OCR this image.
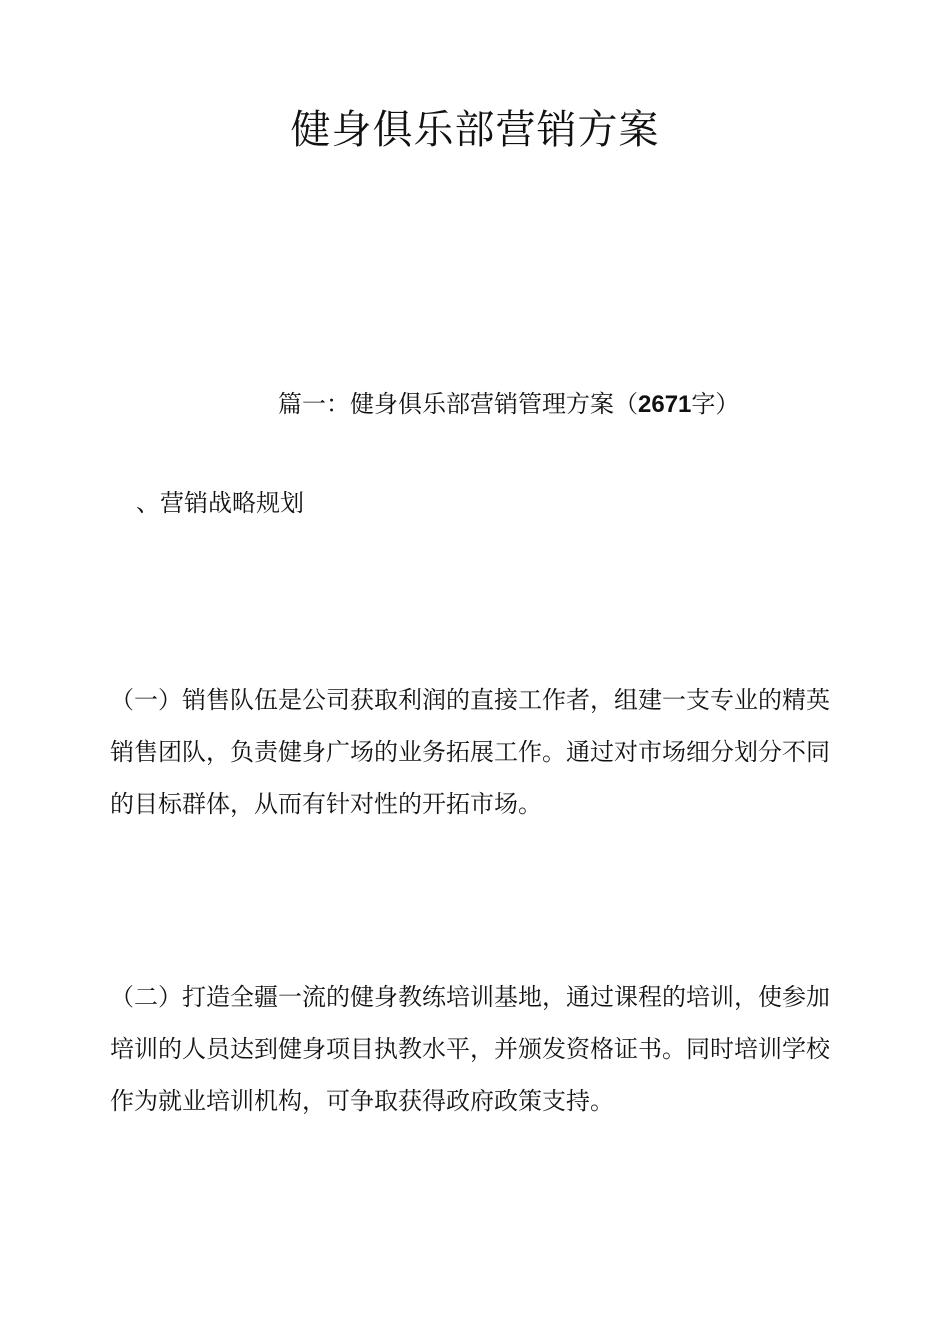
健身俱乐部营销方案

篇一：健身俱乐部营销管理方案（2671字）

、营销战略规划

（一）销售队伍是公司获取利润的直接工作者，组建一支专业的精英销售团队，负责健身广场的业务拓展工作。通过对市场细分划分不同的目标群体，从而有针对性的开拓市场。

（二）打造全疆一流的健身教练培训基地，通过课程的培训，使参加培训的人员达到健身项目执教水平，并颁发资格证书。同时培训学校作为就业培训机构，可争取获得政府政策支持。
